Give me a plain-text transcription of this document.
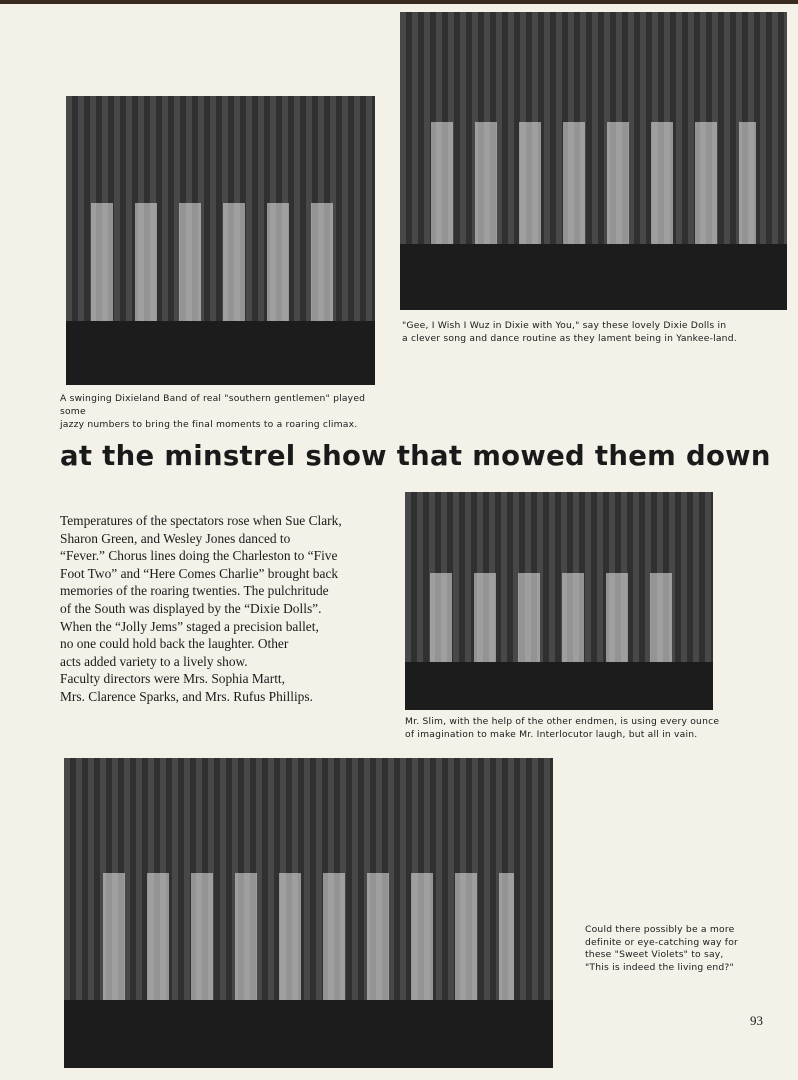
A swinging Dixieland Band of real "southern gentlemen" played some
jazzy numbers to bring the final moments to a roaring climax.

"Gee, I Wish I Wuz in Dixie with You," say these lovely Dixie Dolls in
a clever song and dance routine as they lament being in Yankee-land.

at the minstrel show that mowed them down

Temperatures of the spectators rose when Sue Clark,
Sharon Green, and Wesley Jones danced to
“Fever.” Chorus lines doing the Charleston to “Five
Foot Two” and “Here Comes Charlie” brought back
memories of the roaring twenties. The pulchritude
of the South was displayed by the “Dixie Dolls”.
When the “Jolly Jems” staged a precision ballet,
no one could hold back the laughter. Other
acts added variety to a lively show.
Faculty directors were Mrs. Sophia Martt,
Mrs. Clarence Sparks, and Mrs. Rufus Phillips.

Mr. Slim, with the help of the other endmen, is using every ounce
of imagination to make Mr. Interlocutor laugh, but all in vain.

Could there possibly be a more
definite or eye-catching way for
these "Sweet Violets" to say,
"This is indeed the living end?"

93
